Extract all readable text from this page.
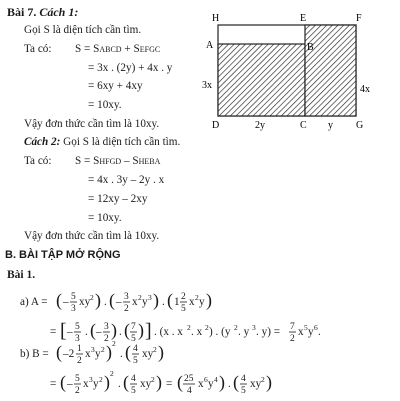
Bài 7. Cách 1:
Gọi S là diện tích cần tìm.
Ta có: S = SABCD + SEFGC
= 3x . (2y) + 4x . y
= 6xy + 4xy
= 10xy.
Vậy đơn thức cần tìm là 10xy.
Cách 2: Gọi S là diện tích cần tìm.
Ta có: S = SHFGD – SHEBA
= 4x . 3y – 2y . x
= 12xy – 2xy
= 10xy.
Vậy đơn thức cần tìm là 10xy.
B. BÀI TẬP MỞ RỘNG
Bài 1.
H	E	F
A	B
D	C	G
3x	4x
2y	y
a) A = ( – 5
3
xy 2 ) . ( – 3
2
x 2 y 3 ) . ( 1 2
5
x 2 y )
= [ – 5
3
. ( – 3
2 ) . ( 7
5 ) ] . (x . x 2 . x 2 ) . (y 2 . y 3 . y) = 7
2
x 5 y 6 .
b) B = ( –2 1
2
x 3 y 2 ) 2
. ( 4
5
xy 2 )
= ( – 5
2
x 3 y 2 ) 2
. ( 4
5
xy 2 ) = ( 25
4
x 6 y 4 ) . ( 4
5
xy 2 )
